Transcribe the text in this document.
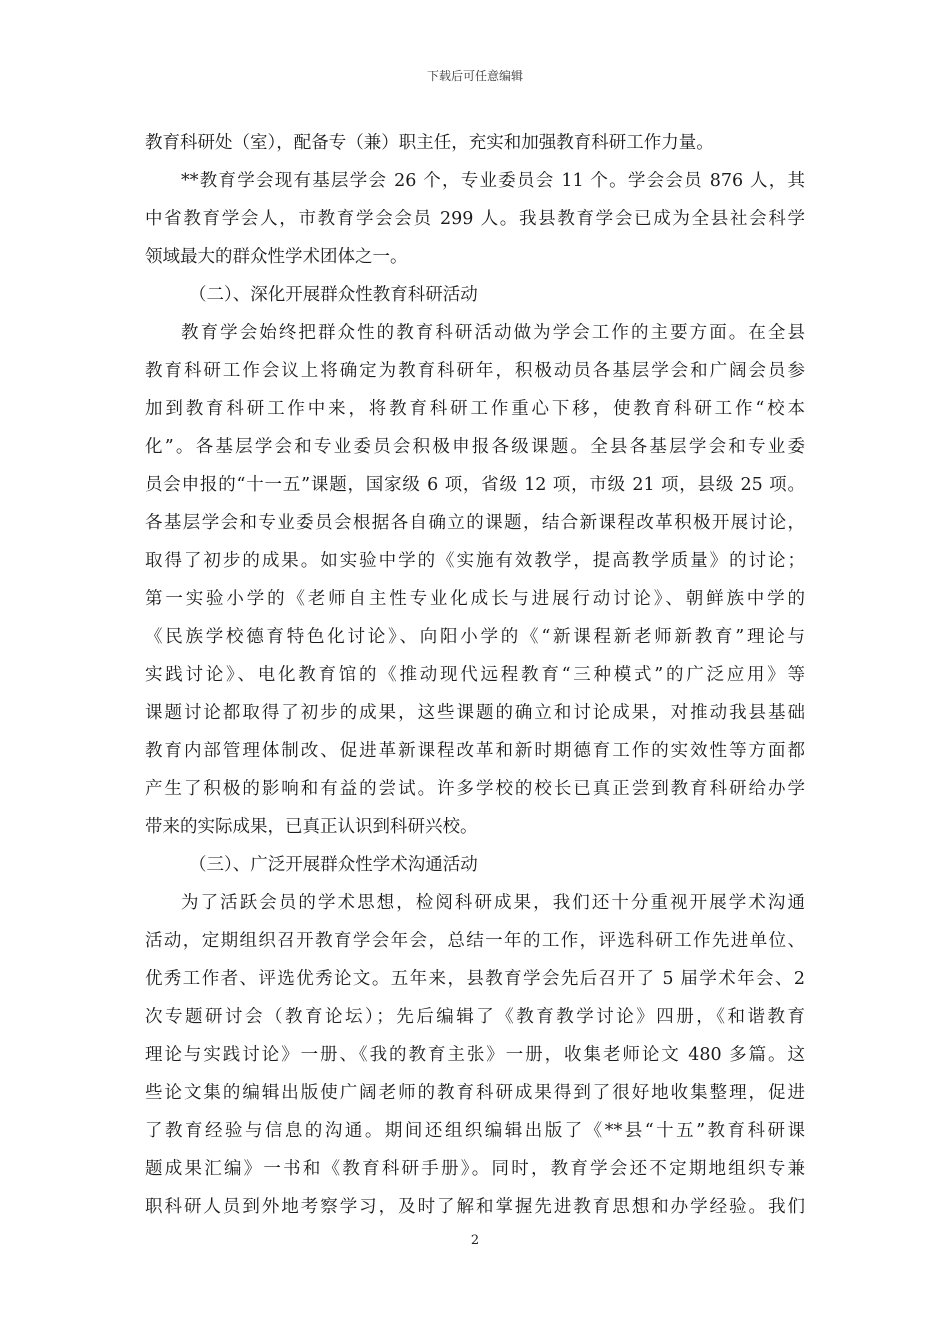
下载后可任意编辑
教育科研处（室），配备专（兼）职主任，充实和加强教育科研工作力量。
**教育学会现有基层学会 26 个，专业委员会 11 个。学会会员 876 人，其
中省教育学会人，市教育学会会员 299 人。我县教育学会已成为全县社会科学
领域最大的群众性学术团体之一。
（二）、深化开展群众性教育科研活动
教育学会始终把群众性的教育科研活动做为学会工作的主要方面。在全县
教育科研工作会议上将确定为教育科研年，积极动员各基层学会和广阔会员参
加到教育科研工作中来，将教育科研工作重心下移，使教育科研工作“校本
化”。各基层学会和专业委员会积极申报各级课题。全县各基层学会和专业委
员会申报的“十一五”课题，国家级 6 项，省级 12 项，市级 21 项，县级 25 项。
各基层学会和专业委员会根据各自确立的课题，结合新课程改革积极开展讨论，
取得了初步的成果。如实验中学的《实施有效教学，提高教学质量》的讨论；
第一实验小学的《老师自主性专业化成长与进展行动讨论》、朝鲜族中学的
《民族学校德育特色化讨论》、向阳小学的《“新课程新老师新教育”理论与
实践讨论》、电化教育馆的《推动现代远程教育“三种模式”的广泛应用》等
课题讨论都取得了初步的成果，这些课题的确立和讨论成果，对推动我县基础
教育内部管理体制改、促进革新课程改革和新时期德育工作的实效性等方面都
产生了积极的影响和有益的尝试。许多学校的校长已真正尝到教育科研给办学
带来的实际成果，已真正认识到科研兴校。
（三）、广泛开展群众性学术沟通活动
为了活跃会员的学术思想，检阅科研成果，我们还十分重视开展学术沟通
活动，定期组织召开教育学会年会，总结一年的工作，评选科研工作先进单位、
优秀工作者、评选优秀论文。五年来，县教育学会先后召开了 5 届学术年会、2
次专题研讨会（教育论坛）；先后编辑了《教育教学讨论》四册，《和谐教育
理论与实践讨论》一册、《我的教育主张》一册，收集老师论文 480 多篇。这
些论文集的编辑出版使广阔老师的教育科研成果得到了很好地收集整理，促进
了教育经验与信息的沟通。期间还组织编辑出版了《**县“十五”教育科研课
题成果汇编》一书和《教育科研手册》。同时，教育学会还不定期地组织专兼
职科研人员到外地考察学习，及时了解和掌握先进教育思想和办学经验。我们
2
